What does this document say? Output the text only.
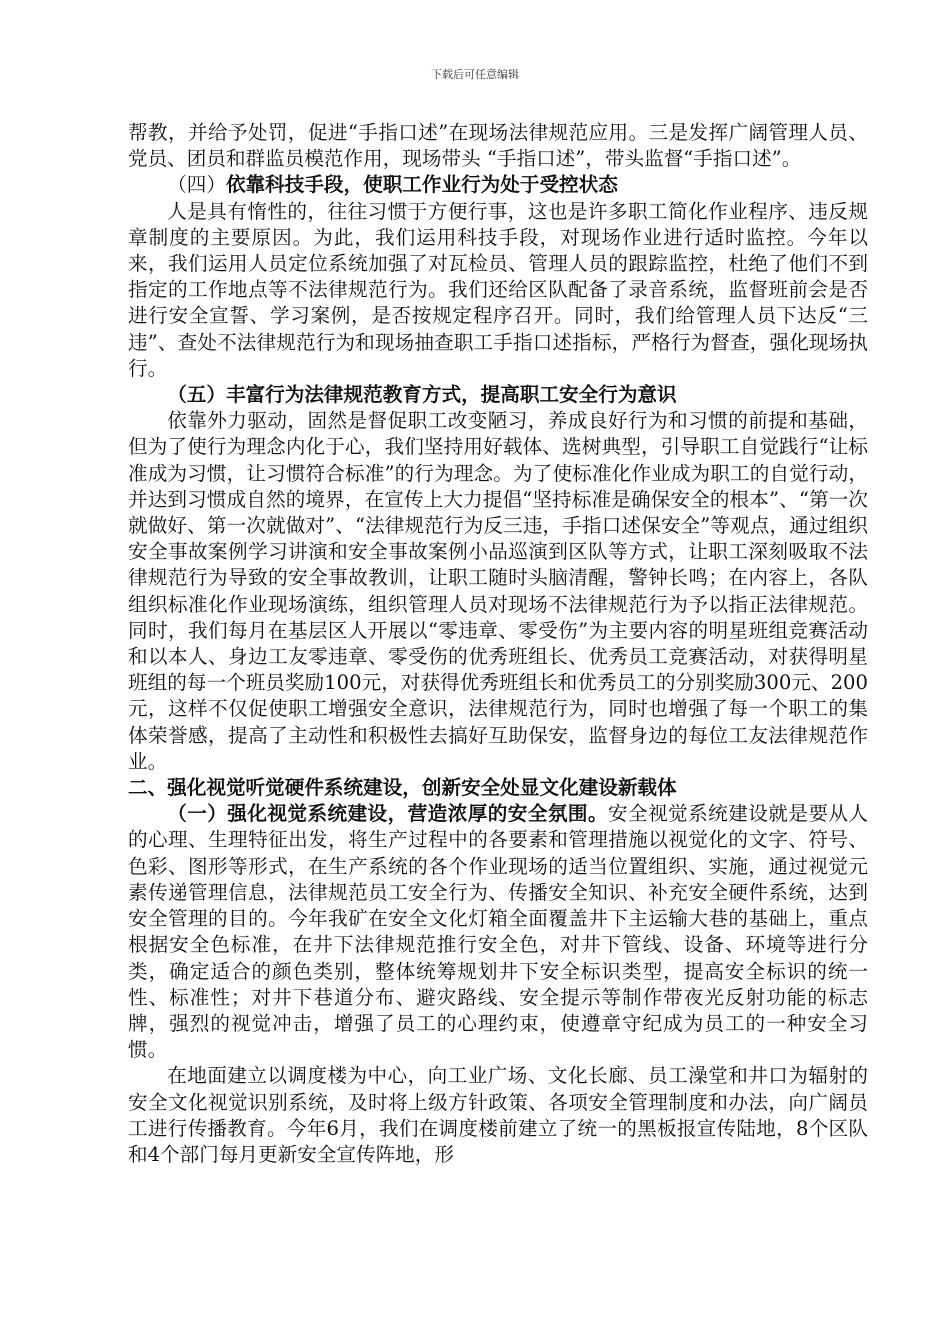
下载后可任意编辑

帮教，并给予处罚，促进“手指口述”在现场法律规范应用。三是发挥广阔管理人员、党员、团员和群监员模范作用，现场带头 “手指口述”，带头监督“手指口述”。

（四）依靠科技手段，使职工作业行为处于受控状态

人是具有惰性的，往往习惯于方便行事，这也是许多职工简化作业程序、违反规章制度的主要原因。为此，我们运用科技手段，对现场作业进行适时监控。今年以来，我们运用人员定位系统加强了对瓦检员、管理人员的跟踪监控，杜绝了他们不到指定的工作地点等不法律规范行为。我们还给区队配备了录音系统，监督班前会是否进行安全宣誓、学习案例，是否按规定程序召开。同时，我们给管理人员下达反“三违”、查处不法律规范行为和现场抽查职工手指口述指标，严格行为督查，强化现场执行。

（五）丰富行为法律规范教育方式，提高职工安全行为意识

依靠外力驱动，固然是督促职工改变陋习，养成良好行为和习惯的前提和基础，但为了使行为理念内化于心，我们坚持用好载体、选树典型，引导职工自觉践行“让标准成为习惯，让习惯符合标准”的行为理念。为了使标准化作业成为职工的自觉行动，并达到习惯成自然的境界，在宣传上大力提倡“坚持标准是确保安全的根本”、“第一次就做好、第一次就做对”、“法律规范行为反三违，手指口述保安全”等观点，通过组织安全事故案例学习讲演和安全事故案例小品巡演到区队等方式，让职工深刻吸取不法律规范行为导致的安全事故教训，让职工随时头脑清醒，警钟长鸣；在内容上，各队组织标准化作业现场演练，组织管理人员对现场不法律规范行为予以指正法律规范。同时，我们每月在基层区人开展以“零违章、零受伤”为主要内容的明星班组竞赛活动和以本人、身边工友零违章、零受伤的优秀班组长、优秀员工竞赛活动，对获得明星班组的每一个班员奖励100元，对获得优秀班组长和优秀员工的分别奖励300元、200元，这样不仅促使职工增强安全意识，法律规范行为，同时也增强了每一个职工的集体荣誉感，提高了主动性和积极性去搞好互助保安，监督身边的每位工友法律规范作业。

二、强化视觉听觉硬件系统建设，创新安全处显文化建设新载体

（一）强化视觉系统建设，营造浓厚的安全氛围。安全视觉系统建设就是要从人的心理、生理特征出发，将生产过程中的各要素和管理措施以视觉化的文字、符号、色彩、图形等形式，在生产系统的各个作业现场的适当位置组织、实施，通过视觉元素传递管理信息，法律规范员工安全行为、传播安全知识、补充安全硬件系统，达到安全管理的目的。今年我矿在安全文化灯箱全面覆盖井下主运输大巷的基础上，重点根据安全色标准，在井下法律规范推行安全色，对井下管线、设备、环境等进行分类，确定适合的颜色类别，整体统筹规划井下安全标识类型，提高安全标识的统一性、标准性；对井下巷道分布、避灾路线、安全提示等制作带夜光反射功能的标志牌，强烈的视觉冲击，增强了员工的心理约束，使遵章守纪成为员工的一种安全习惯。

在地面建立以调度楼为中心，向工业广场、文化长廊、员工澡堂和井口为辐射的安全文化视觉识别系统，及时将上级方针政策、各项安全管理制度和办法，向广阔员工进行传播教育。今年6月，我们在调度楼前建立了统一的黑板报宣传陆地，8个区队和4个部门每月更新安全宣传阵地，形
